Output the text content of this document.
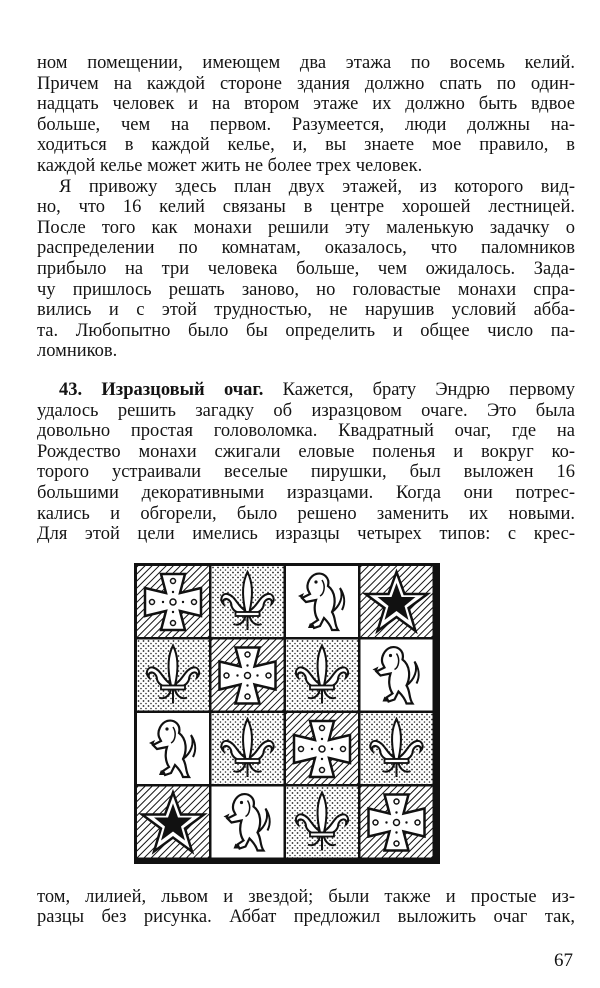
ном помещении, имеющем два этажа по восемь келий.
Причем на каждой стороне здания должно спать по один-
надцать человек и на втором этаже их должно быть вдвое
больше, чем на первом. Разумеется, люди должны на-
ходиться в каждой келье, и, вы знаете мое правило, в
каждой келье может жить не более трех человек.
Я привожу здесь план двух этажей, из которого вид-
но, что 16 келий связаны в центре хорошей лестницей.
После того как монахи решили эту маленькую задачку о
распределении по комнатам, оказалось, что паломников
прибыло на три человека больше, чем ожидалось. Зада-
чу пришлось решать заново, но головастые монахи спра-
вились и с этой трудностью, не нарушив условий абба-
та. Любопытно было бы определить и общее число па-
ломников.
43. Изразцовый очаг. Кажется, брату Эндрю первому
удалось решить загадку об изразцовом очаге. Это была
довольно простая головоломка. Квадратный очаг, где на
Рождество монахи сжигали еловые поленья и вокруг ко-
торого устраивали веселые пирушки, был выложен 16
большими декоративными изразцами. Когда они потрес-
кались и обгорели, было решено заменить их новыми.
Для этой цели имелись изразцы четырех типов: с крес-
том, лилией, львом и звездой; были также и простые из-
разцы без рисунка. Аббат предложил выложить очаг так,
67
